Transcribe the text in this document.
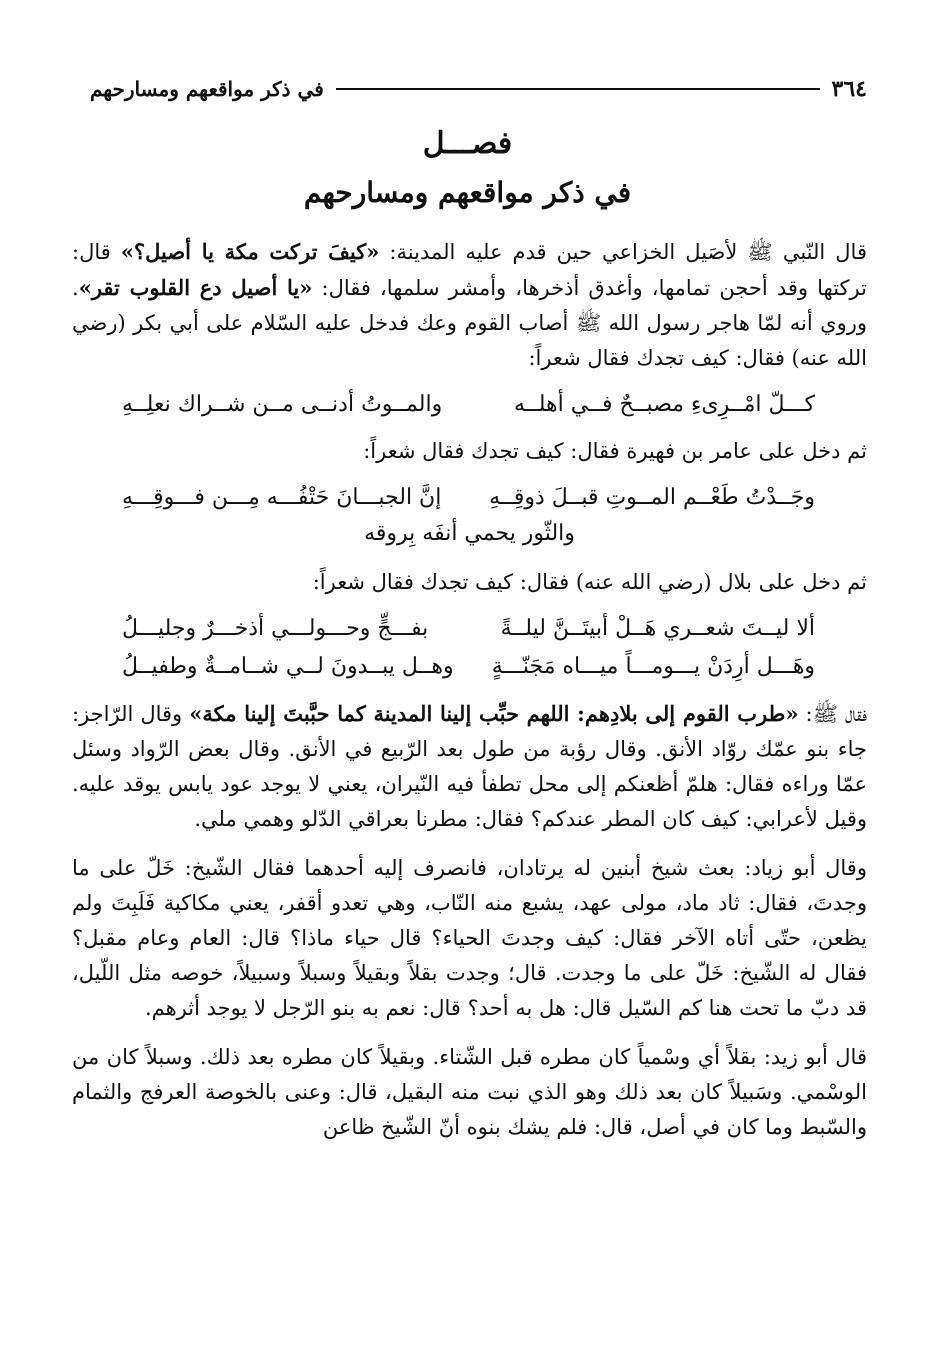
٣٦٤
في ذكر مواقعهم ومسارحهم
فصـــل
في ذكر مواقعهم ومسارحهم

قال النّبي ﷺ لأصَيل الخزاعي حين قدم عليه المدينة: «كيفَ تركت مكة يا أصيل؟» قال: تركتها وقد أحجن تمامها، وأغدق أذخرها، وأمشر سلمها، فقال: «يا أصيل دع القلوب تقر». وروي أنه لمّا هاجر رسول الله ﷺ أصاب القوم وعك فدخل عليه السّلام على أبي بكر (رضي الله عنه) فقال: كيف تجدك فقال شعراً:

كـــلّ امْــرِىءِ مصبــحٌ فــي أهلــه
والمــوتُ أدنــى مــن شــراك نعلِــهِ

ثم دخل على عامر بن فهيرة فقال: كيف تجدك فقال شعراً:

وجَــدْتُ طَعْــم المــوتِ قبــلَ ذوقِــهِ
إنَّ الجبـــانَ حَتْفُـــه مِـــن فـــوقِـــهِ
والثّور يحمي أنفَه بِروقه

ثم دخل على بلال (رضي الله عنه) فقال: كيف تجدك فقال شعراً:

ألا ليــتَ شعــري هَــلْ أبيتَــنَّ ليلــةً
بفـــجٍّ وحـــولـــي أذخـــرٌ وجليـــلُ
وهَـــل أرِدَنْ يـــومـــاً ميـــاه مَجَنّـــةٍ
وهــل يبــدونَ لــي شــامــةٌ وطفيــلُ

فقال ﷺ: «طرب القوم إلى بلادِهم: اللهم حبِّب إلينا المدينة كما حبَّبتَ إلينا مكة» وقال الرّاجز: جاء بنو عمّك روّاد الأنق. وقال رؤبة من طول بعد الرّبيع في الأنق. وقال بعض الرّواد وسئل عمّا وراءه فقال: هلمّ أظعنكم إلى محل تطفأ فيه النّيران، يعني لا يوجد عود يابس يوقد عليه. وقيل لأعرابي: كيف كان المطر عندكم؟ فقال: مطرنا بعراقي الدّلو وهمي ملي.

وقال أبو زياد: بعث شيخ أبنين له يرتادان، فانصرف إليه أحدهما فقال الشّيخ: خَلّ على ما وجدتَ، فقال: ثاد ماد، مولى عهد، يشبع منه النّاب، وهي تعدو أقفر، يعني مكاكية فَلَبِتَ ولم يظعن، حتّى أتاه الآخر فقال: كيف وجدتَ الحياء؟ قال حياء ماذا؟ قال: العام وعام مقبل؟ فقال له الشّيخ: خَلّ على ما وجدت. قال؛ وجدت بقلاً وبقيلاً وسبلاً وسبيلاً، خوصه مثل اللّيل، قد دبّ ما تحت هنا كم السّيل قال: هل به أحد؟ قال: نعم به بنو الرّجل لا يوجد أثرهم.

قال أبو زيد: بقلاً أي وسْمياً كان مطره قبل الشّتاء. وبقيلاً كان مطره بعد ذلك. وسبلاً كان من الوسْمي. وسَبيلاً كان بعد ذلك وهو الذي نبت منه البقيل، قال: وعنى بالخوصة العرفج والثمام والسّبط وما كان في أصل، قال: فلم يشك بنوه أنّ الشّيخ ظاعن
